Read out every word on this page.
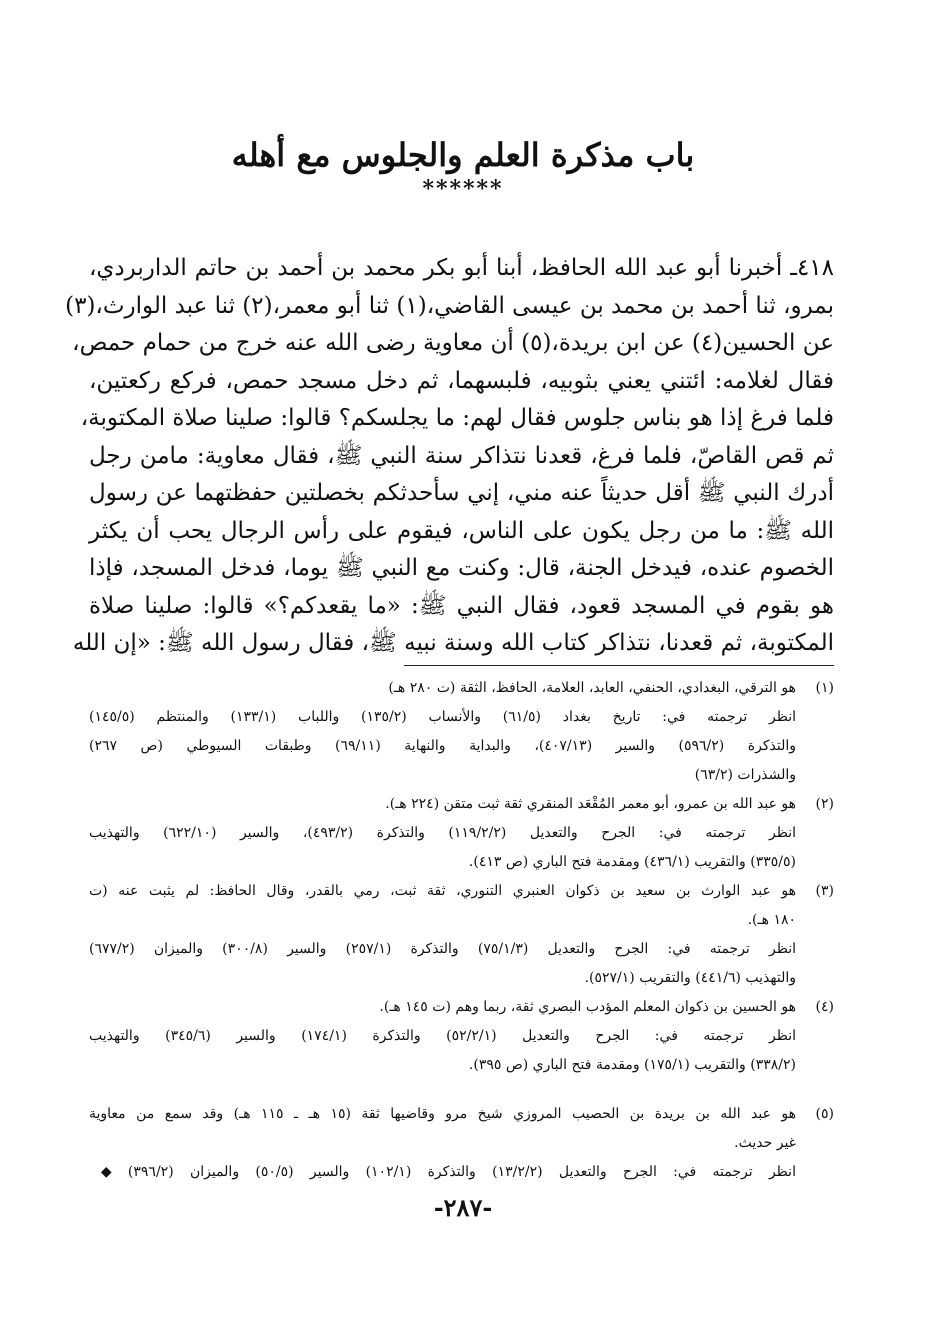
باب مذكرة العلم والجلوس مع أهله
******
٤١٨ـ أخبرنا أبو عبد الله الحافظ، أبنا أبو بكر محمد بن أحمد بن حاتم الداربردي،
بمرو، ثنا أحمد بن محمد بن عيسى القاضي،(١) ثنا أبو معمر،(٢) ثنا عبد الوارث،(٣)
عن الحسين(٤) عن ابن بريدة،(٥) أن معاوية رضى الله عنه خرج من حمام حمص،
فقال لغلامه: ائتني يعني بثوبيه، فلبسهما، ثم دخل مسجد حمص، فركع ركعتين،
فلما فرغ إذا هو بناس جلوس فقال لهم: ما يجلسكم؟ قالوا: صلينا صلاة المكتوبة،
ثم قص القاصّ، فلما فرغ، قعدنا نتذاكر سنة النبي ﷺ، فقال معاوية: مامن رجل
أدرك النبي ﷺ أقل حديثاً عنه مني، إني سأحدثكم بخصلتين حفظتهما عن رسول
الله ﷺ: ما من رجل يكون على الناس، فيقوم على رأس الرجال يحب أن يكثر
الخصوم عنده، فيدخل الجنة، قال: وكنت مع النبي ﷺ يوما، فدخل المسجد، فإذا
هو بقوم في المسجد قعود، فقال النبي ﷺ: «ما يقعدكم؟» قالوا: صلينا صلاة
المكتوبة، ثم قعدنا، نتذاكر كتاب الله وسنة نبيه ﷺ، فقال رسول الله ﷺ: «إن الله
(١)
هو الترقي، البغدادي، الحنفي، العابد، العلامة، الحافظ، الثقة (ت ٢٨٠ هـ)
انظر ترجمته في: تاريخ بغداد (٦١/٥) والأنساب (١٣٥/٢) واللباب (١٣٣/١) والمنتظم (١٤٥/٥)
والتذكرة (٥٩٦/٢) والسير (٤٠٧/١٣)، والبداية والنهاية (٦٩/١١) وطبقات السيوطي (ص ٢٦٧)
والشذرات (٦٣/٢)
(٢)
هو عبد الله بن عمرو، أبو معمر المُقْعَد المنقري ثقة ثبت متقن (٢٢٤ هـ).
انظر ترجمته في: الجرح والتعديل (١١٩/٢/٢) والتذكرة (٤٩٣/٢)، والسير (٦٢٢/١٠) والتهذيب
(٣٣٥/٥) والتقريب (٤٣٦/١) ومقدمة فتح الباري (ص ٤١٣).
(٣)
هو عبد الوارث بن سعيد بن ذكوان العنبري التنوري، ثقة ثبت، رمي بالقدر، وقال الحافظ: لم يثبت عنه (ت
١٨٠ هـ).
انظر ترجمته في: الجرح والتعديل (٧٥/١/٣) والتذكرة (٢٥٧/١) والسير (٣٠٠/٨) والميزان (٦٧٧/٢)
والتهذيب (٤٤١/٦) والتقريب (٥٢٧/١).
(٤)
هو الحسين بن ذكوان المعلم المؤدب البصري ثقة، ربما وهم (ت ١٤٥ هـ).
انظر ترجمته في: الجرح والتعديل (٥٢/٢/١) والتذكرة (١٧٤/١) والسير (٣٤٥/٦) والتهذيب
(٣٣٨/٢) والتقريب (١٧٥/١) ومقدمة فتح الباري (ص ٣٩٥).
(٥)
هو عبد الله بن بريدة بن الحصيب المروزي شيخ مرو وقاضيها ثقة (١٥ هـ ـ ١١٥ هـ) وقد سمع من معاوية
غير حديث.
انظر ترجمته في: الجرح والتعديل (١٣/٢/٢) والتذكرة (١٠٢/١) والسير (٥٠/٥) والميزان (٣٩٦/٢) ◆
-٢٨٧-
